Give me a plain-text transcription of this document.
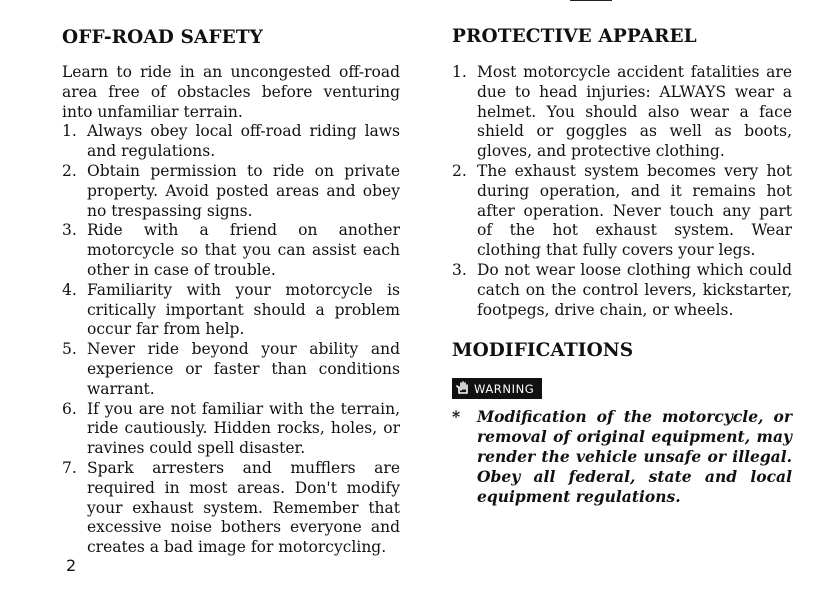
OFF-ROAD SAFETY

Learn to ride in an uncongested off-road area free of obstacles before venturing into unfamiliar terrain.

1. Always obey local off-road riding laws and regulations.
2. Obtain permission to ride on private property. Avoid posted areas and obey no trespassing signs.
3. Ride with a friend on another motorcycle so that you can assist each other in case of trouble.
4. Familiarity with your motorcycle is critically important should a problem occur far from help.
5. Never ride beyond your ability and experience or faster than conditions warrant.
6. If you are not familiar with the terrain, ride cautiously. Hidden rocks, holes, or ravines could spell disaster.
7. Spark arresters and mufflers are required in most areas. Don't modify your exhaust system. Remember that excessive noise bothers everyone and creates a bad image for motorcycling.
PROTECTIVE APPAREL
1. Most motorcycle accident fatalities are due to head injuries: ALWAYS wear a helmet. You should also wear a face shield or goggles as well as boots, gloves, and protective clothing.
2. The exhaust system becomes very hot during operation, and it remains hot after operation. Never touch any part of the hot exhaust system. Wear clothing that fully covers your legs.
3. Do not wear loose clothing which could catch on the control levers, kickstarter, footpegs, drive chain, or wheels.
MODIFICATIONS
WARNING
* Modification of the motorcycle, or removal of original equipment, may render the vehicle unsafe or illegal. Obey all federal, state and local equipment regulations.
2
